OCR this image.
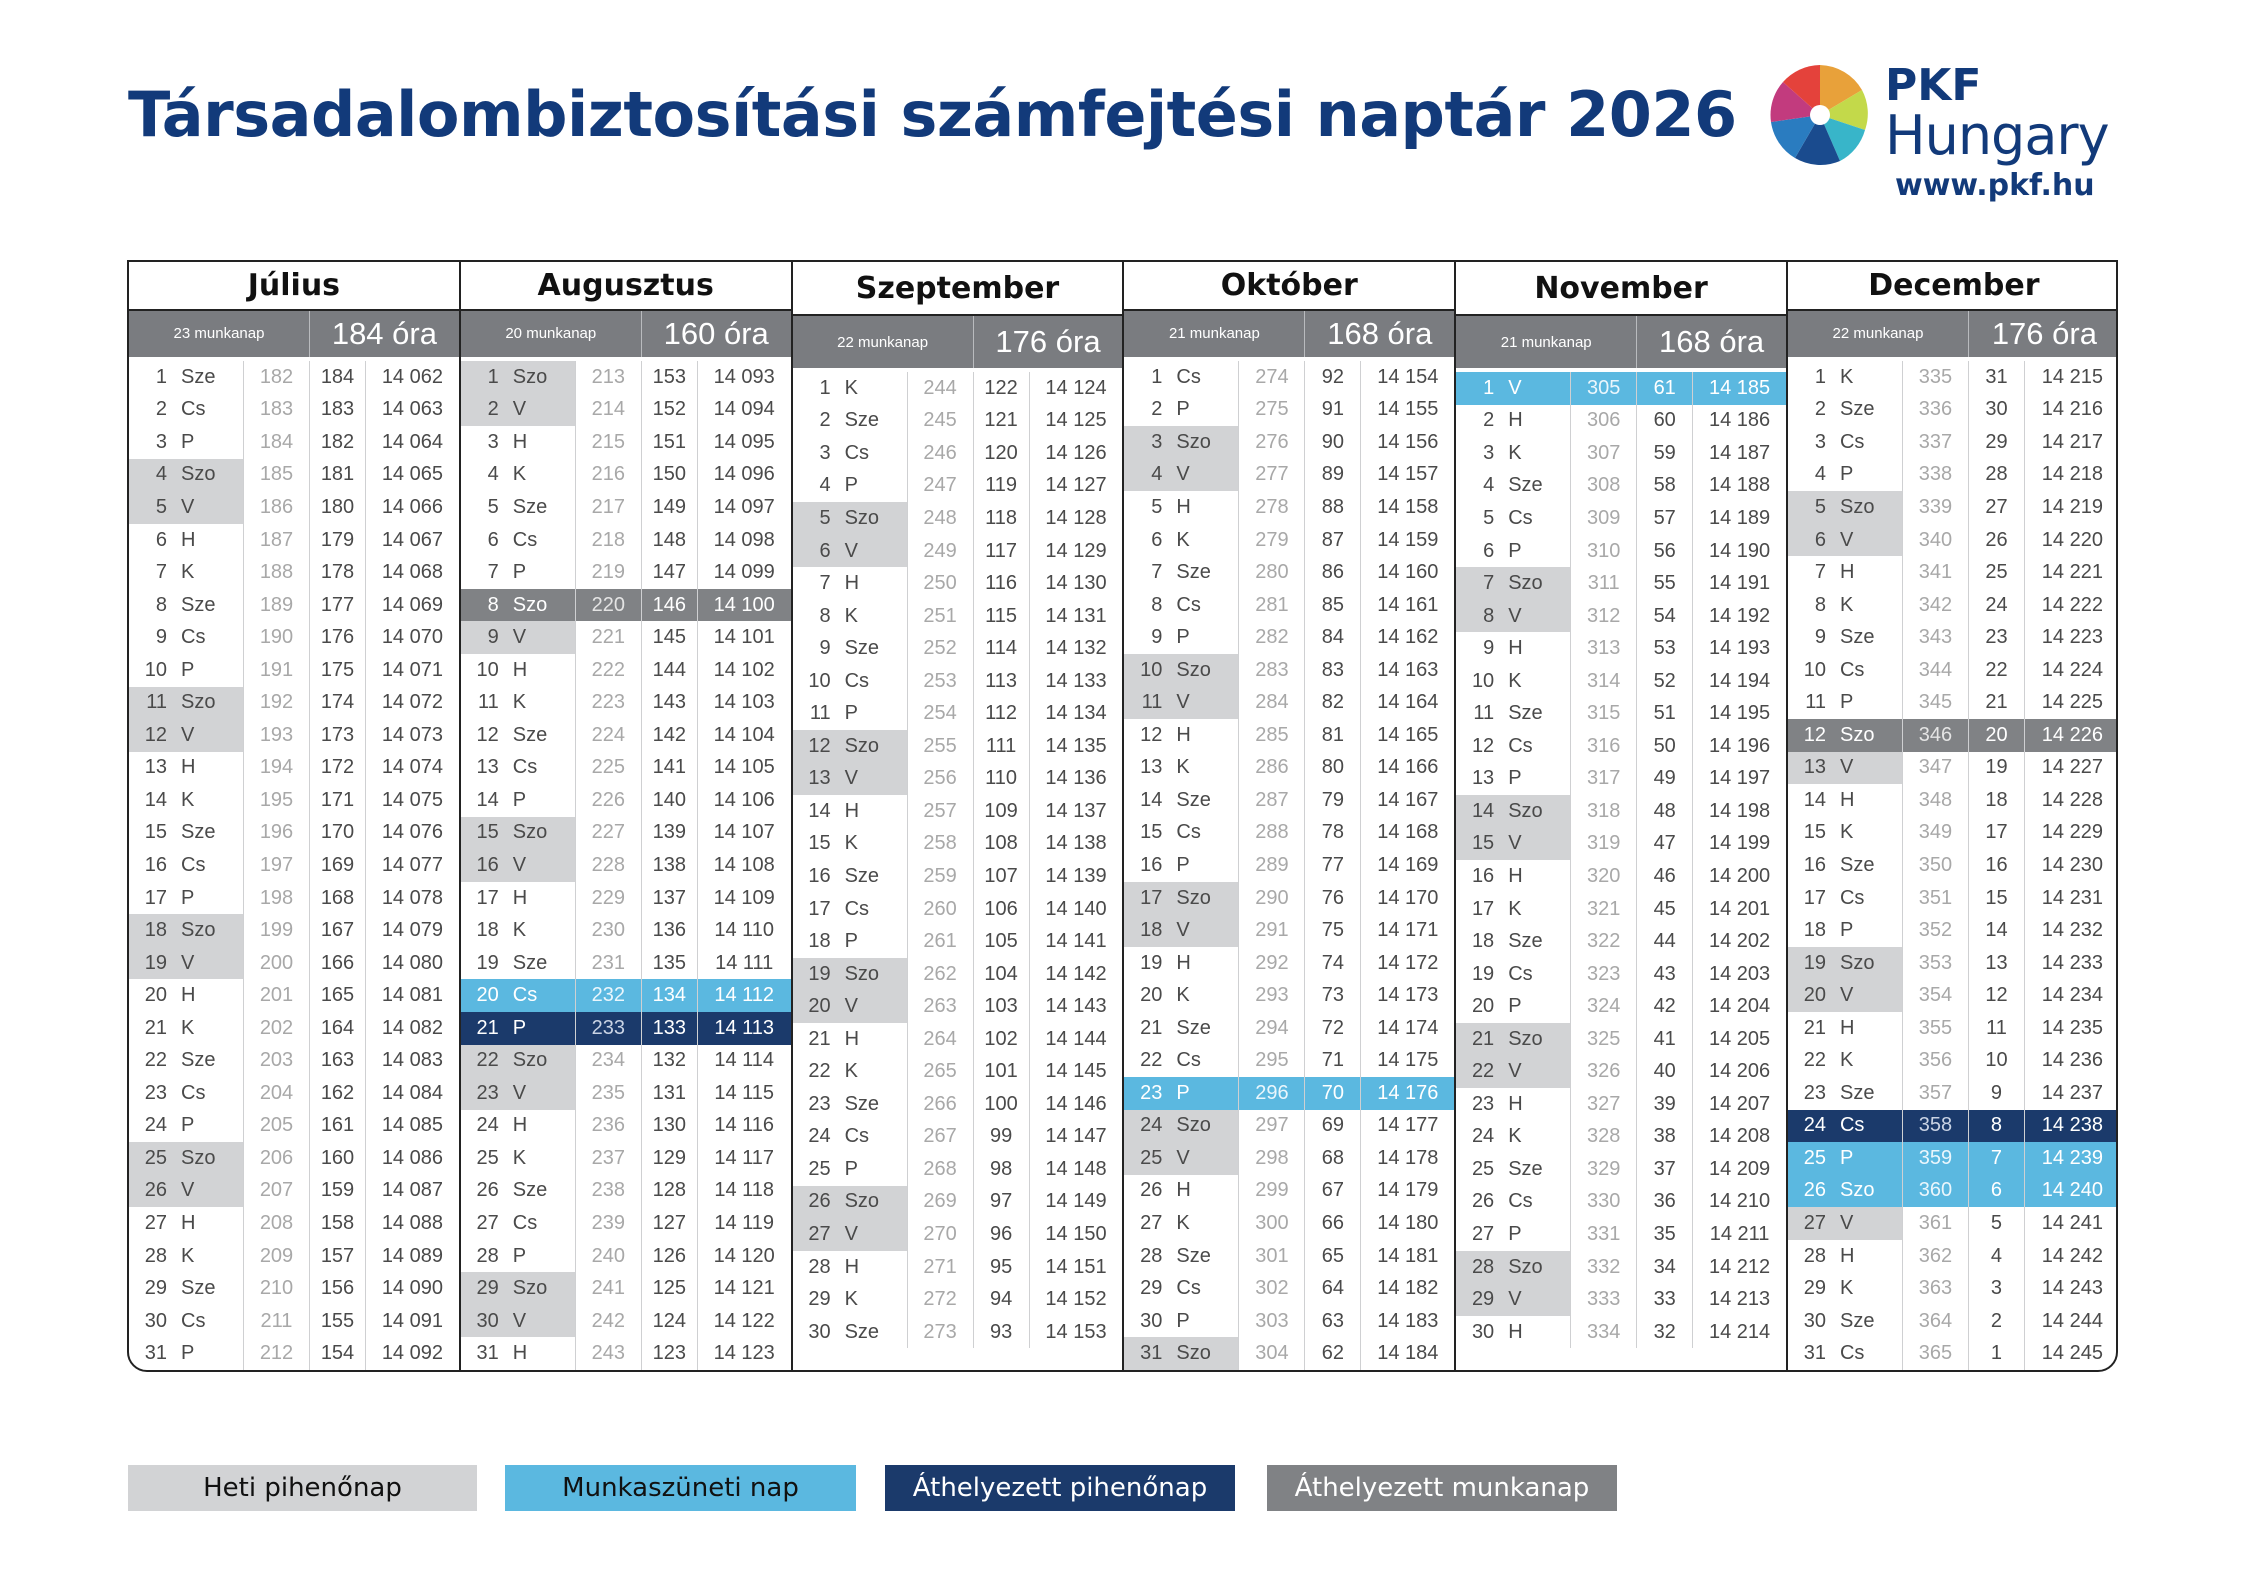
Társadalombiztosítási számfejtési naptár 2026	PKF
Hungary
www.pkf.hu
Július
23 munkanap	184 óra
1 Sze	182	184	14 062
2 Cs	183	183	14 063
3 P	184	182	14 064
4 Szo	185	181	14 065
5 V	186	180	14 066
6 H	187	179	14 067
7 K	188	178	14 068
8 Sze	189	177	14 069
9 Cs	190	176	14 070
10 P	191	175	14 071
11 Szo	192	174	14 072
12 V	193	173	14 073
13 H	194	172	14 074
14 K	195	171	14 075
15 Sze	196	170	14 076
16 Cs	197	169	14 077
17 P	198	168	14 078
18 Szo	199	167	14 079
19 V	200	166	14 080
20 H	201	165	14 081
21 K	202	164	14 082
22 Sze	203	163	14 083
23 Cs	204	162	14 084
24 P	205	161	14 085
25 Szo	206	160	14 086
26 V	207	159	14 087
27 H	208	158	14 088
28 K	209	157	14 089
29 Sze	210	156	14 090
30 Cs	211	155	14 091
31 P	212	154	14 092
Augusztus
20 munkanap	160 óra
1 Szo	213	153	14 093
2 V	214	152	14 094
3 H	215	151	14 095
4 K	216	150	14 096
5 Sze	217	149	14 097
6 Cs	218	148	14 098
7 P	219	147	14 099
8 Szo	220	146	14 100
9 V	221	145	14 101
10 H	222	144	14 102
11 K	223	143	14 103
12 Sze	224	142	14 104
13 Cs	225	141	14 105
14 P	226	140	14 106
15 Szo	227	139	14 107
16 V	228	138	14 108
17 H	229	137	14 109
18 K	230	136	14 110
19 Sze	231	135	14 111
20 Cs	232	134	14 112
21 P	233	133	14 113
22 Szo	234	132	14 114
23 V	235	131	14 115
24 H	236	130	14 116
25 K	237	129	14 117
26 Sze	238	128	14 118
27 Cs	239	127	14 119
28 P	240	126	14 120
29 Szo	241	125	14 121
30 V	242	124	14 122
31 H	243	123	14 123
Szeptember
22 munkanap	176 óra
1 K	244	122	14 124
2 Sze	245	121	14 125
3 Cs	246	120	14 126
4 P	247	119	14 127
5 Szo	248	118	14 128
6 V	249	117	14 129
7 H	250	116	14 130
8 K	251	115	14 131
9 Sze	252	114	14 132
10 Cs	253	113	14 133
11 P	254	112	14 134
12 Szo	255	111	14 135
13 V	256	110	14 136
14 H	257	109	14 137
15 K	258	108	14 138
16 Sze	259	107	14 139
17 Cs	260	106	14 140
18 P	261	105	14 141
19 Szo	262	104	14 142
20 V	263	103	14 143
21 H	264	102	14 144
22 K	265	101	14 145
23 Sze	266	100	14 146
24 Cs	267	99	14 147
25 P	268	98	14 148
26 Szo	269	97	14 149
27 V	270	96	14 150
28 H	271	95	14 151
29 K	272	94	14 152
30 Sze	273	93	14 153
Október
21 munkanap	168 óra
1 Cs	274	92	14 154
2 P	275	91	14 155
3 Szo	276	90	14 156
4 V	277	89	14 157
5 H	278	88	14 158
6 K	279	87	14 159
7 Sze	280	86	14 160
8 Cs	281	85	14 161
9 P	282	84	14 162
10 Szo	283	83	14 163
11 V	284	82	14 164
12 H	285	81	14 165
13 K	286	80	14 166
14 Sze	287	79	14 167
15 Cs	288	78	14 168
16 P	289	77	14 169
17 Szo	290	76	14 170
18 V	291	75	14 171
19 H	292	74	14 172
20 K	293	73	14 173
21 Sze	294	72	14 174
22 Cs	295	71	14 175
23 P	296	70	14 176
24 Szo	297	69	14 177
25 V	298	68	14 178
26 H	299	67	14 179
27 K	300	66	14 180
28 Sze	301	65	14 181
29 Cs	302	64	14 182
30 P	303	63	14 183
31 Szo	304	62	14 184
November
21 munkanap	168 óra
1 V	305	61	14 185
2 H	306	60	14 186
3 K	307	59	14 187
4 Sze	308	58	14 188
5 Cs	309	57	14 189
6 P	310	56	14 190
7 Szo	311	55	14 191
8 V	312	54	14 192
9 H	313	53	14 193
10 K	314	52	14 194
11 Sze	315	51	14 195
12 Cs	316	50	14 196
13 P	317	49	14 197
14 Szo	318	48	14 198
15 V	319	47	14 199
16 H	320	46	14 200
17 K	321	45	14 201
18 Sze	322	44	14 202
19 Cs	323	43	14 203
20 P	324	42	14 204
21 Szo	325	41	14 205
22 V	326	40	14 206
23 H	327	39	14 207
24 K	328	38	14 208
25 Sze	329	37	14 209
26 Cs	330	36	14 210
27 P	331	35	14 211
28 Szo	332	34	14 212
29 V	333	33	14 213
30 H	334	32	14 214
December
22 munkanap	176 óra
1 K	335	31	14 215
2 Sze	336	30	14 216
3 Cs	337	29	14 217
4 P	338	28	14 218
5 Szo	339	27	14 219
6 V	340	26	14 220
7 H	341	25	14 221
8 K	342	24	14 222
9 Sze	343	23	14 223
10 Cs	344	22	14 224
11 P	345	21	14 225
12 Szo	346	20	14 226
13 V	347	19	14 227
14 H	348	18	14 228
15 K	349	17	14 229
16 Sze	350	16	14 230
17 Cs	351	15	14 231
18 P	352	14	14 232
19 Szo	353	13	14 233
20 V	354	12	14 234
21 H	355	11	14 235
22 K	356	10	14 236
23 Sze	357	9	14 237
24 Cs	358	8	14 238
25 P	359	7	14 239
26 Szo	360	6	14 240
27 V	361	5	14 241
28 H	362	4	14 242
29 K	363	3	14 243
30 Sze	364	2	14 244
31 Cs	365	1	14 245
Heti pihenőnap	Munkaszüneti nap	Áthelyezett pihenőnap	Áthelyezett munkanap
